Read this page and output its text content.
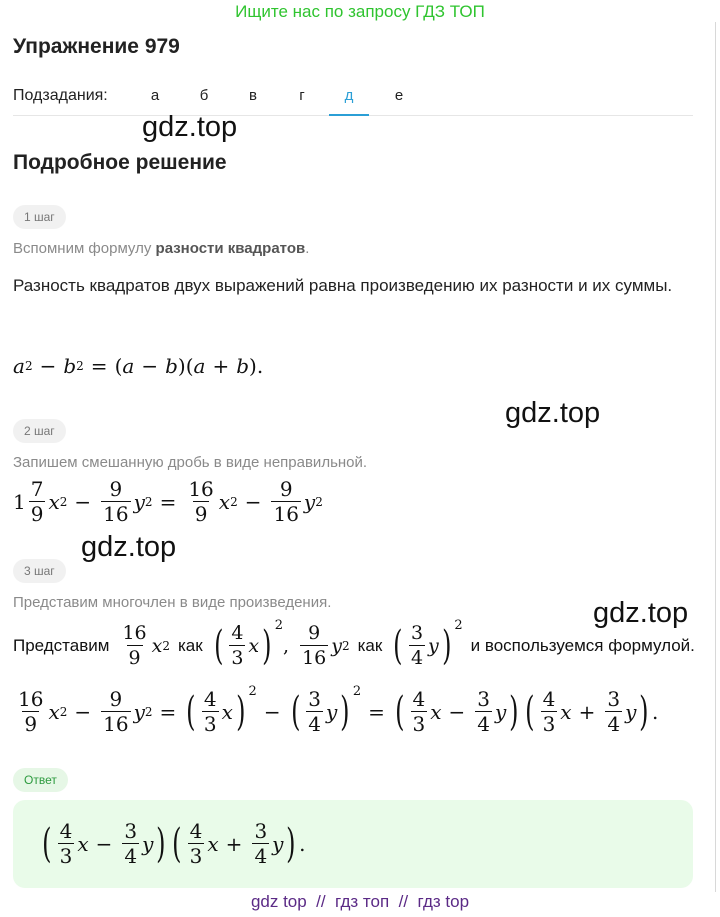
Ищите нас по запросу ГДЗ ТОП
Упражнение 979
Подзадания:	а	б	в	г	д	е
gdz.top
Подробное решение
1 шаг
Вспомним формулу разности квадратов.
Разность квадратов двух выражений равна произведению их разности и их суммы.
a 2 − b 2 = ( a − b )( a + b ).
gdz.top
2 шаг
Запишем смешанную дробь в виде неправильной.
$1 \frac{7}{9}$ x $2 - \frac{9}{16}$ y $2 = \frac{16}{9}$ x $2 - \frac{9}{16}$ y 2
gdz.top
3 шаг
Представим многочлен в виде произведения.	gdz.top
Представим $\frac{16}{9}$ x 2 как ( $\frac{4}{3}$ x ) 2
, $\frac{9}{16}$ y 2 как ( $\frac{3}{4}$ y ) 2
и воспользуемся формулой.
$\frac{16}{9}$ x $2 - \frac{9}{16}$ y 2 = ( $\frac{4}{3}$ x ) 2
− ( $\frac{3}{4}$ y ) 2
= ( $\frac{4}{3}$ $x - \frac{3}{4}$ y ) ( $\frac{4}{3}$ $x + \frac{3}{4}$ y ) .
Ответ
( $\frac{4}{3}$ $x - \frac{3}{4}$ y ) ( $\frac{4}{3}$ $x + \frac{3}{4}$ y ) .
gdz top  //  гдз топ  //  гдз top
